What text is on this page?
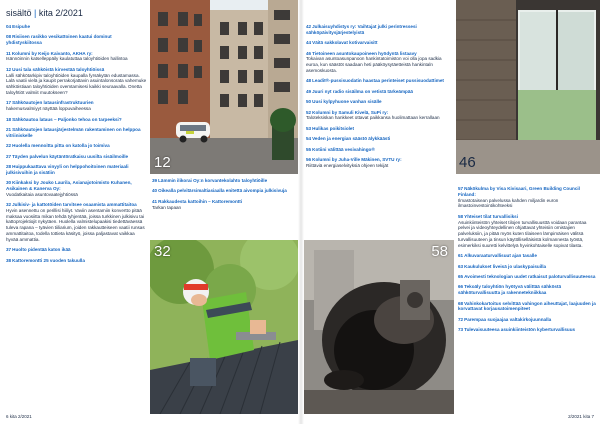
sisältö | kita 2/2021
04Esipuhe
08Risiisen rasikko vesikattoinen kaatui dominut yhdistyskiitossa
11Kolumni by Keijo Kaivanto, AKHA ry:
Isännöinnin katselleppäily kaulatuttaa taloyhtiöiden hallintoa
12Uusi tala sähköistä kirvestää taloyhtiöissä
Lalli sähkötarkipiv taloyhtiöiden kaupalla fyrsäkytän edustamassa. Lalä vaatii vielä ja kaupit perrakorjattavin asuintalonsorata vahemuke sähköistiaan taloyhtiöiden ovemtamisesi kaikki seuraavalla. Onetta taloyhtiöt valmiit muutokseen?
17Sähköautojen latausinfrastruktuurien
hakemusvalmiyyt näyttää loppuvaiheessa
18Sähköautoa lataus – Paljonko tehoa on tarpeeksi?
21Sähköautojen latausjärjestelmän rakentaminen on helppoa vitriiniskelle
22Huolella mennoitta pitta on katolla jo toimiva
27Täyden palvelun käytäntöratkaisu uusilta sisäilmoille
28Huippukaattava vinyyli on helppohoitoinen materiaali julkisivuihin ja sisätiin
30Kiinkaksi by Jouko Laurila, Asianajotoimisto Kuhanen, Asikainen & Kanerva Oy:
Vuodatkaitaia asuntovaatejyhtiössä
32Julkisiv- ja kattotöiden tarvitsee osaamista ammattitaitoa
Hyvin asennettu on perillisi hiiliyt. Vaviin asentamiin konvertto pitää maksaa vuosiitta mikan tehdä tyhjentää, joissa turkkinen julkisivu tai kattoprojektiojit nykytäen. Huolella valmistelupaakisi tiedettäväessä tuleva rapana – tyävien tiiliarium, joiden rakkautteiseen vaatii runsas ammattitaitoa, todella tottieta käsityö, joissa paljastavat vaikkaa hyvää ammattia.
37Huolto pidentää katon ikää
38Kattoremontti 25 vuoden takuulla
12
39Lämmin ilikorai Oy:n korvantekolahto taloyhtiöille
40Oikealla pelvitärsimaltiasiaalla enitettä aivompia julkisivuja
41Rakkaudesta kattoihin – Kattoremontti
Tarkan tapaan
32	58
42Julkaisuyhdistys ry: Vaihtajat julki perintressesi sähköpäivitysjärjestelyistä
44Väitä sakkolavat kotivarvaisitt
46Tietoineen asuntokaupoineen hyödyntä listaavy
Tokaivan asuntoasunpanoon hankintatoimiston voi olla jopa sadkia euroa, kun säästöt saadaan heti pääköysytäetteistä hankintaln asemoskuosta.
48Leadit®-pussisuodatin haastaa perinteiset pussisuodattimet
49Juuri nyt radio sisäilma on vetistä tärkeämpää
50Uusi kylpyhuone vanhan sisälle
52Kolumni by Samuli Kivelä, SuPi ry:
Taloteksiskan hankkeet ottavat paikkansa huolimattaan kerrallaan
53Hulikas poikitsiolet
54Veden ja energian säästö älykkäästi
55Kotiini välittää vesivahingo®
56Kolumni by Juha-Ville Mäkinen, SVTU ry:
Riittäviä energiaselvityksiä ohjeen tekijät	46
57Näkökulma by Visa Kivisaari, Green Building Council Finland:
Ilmastotaisean palvelussa kahden miljardin euron ilmastoinvestointikohteeksi
58Yhteiset tilat turvallisiksi
Asuinkiinteistön yhteiset tilojen turvallisuusttä voidaan parantaa pelvei ja videoyhteydellinen ohjattavat yhteisiin omistajien palveluksiin, ja pitää myös kuten tilaiseen lämpimäisen välitsä turvallisuuteen ja tinsun käytölliselläisistä kolmannesta työstä, esimerkiksi suuretti kelvittelyä hyvinkohtaiselle sopivat tilasta.
61Alkuvaraaturvallisuut ajan tasalle
63Kaukulukset liveisä jo ulaskypaisuilla
65Avoimesti teknologian uudet ratkaisut paloturvallisuuteessa
66Tekoäly taloyhtiön hyötyvä välittää sähköstä sähköturvallisuutta ja rakennetekniikkaa
68Vahinkokartoitus selvittää vahingon aiheuttajat, laajuuden ja korvattavat korjausatoimenpiteet
72Parempaa suojaajaa valtakirkojuunnalla
73Tulevaisuuteesa asuinkiinteistön kyberturvallisuus
6 kita 2/2021	2/2021 kita 7
